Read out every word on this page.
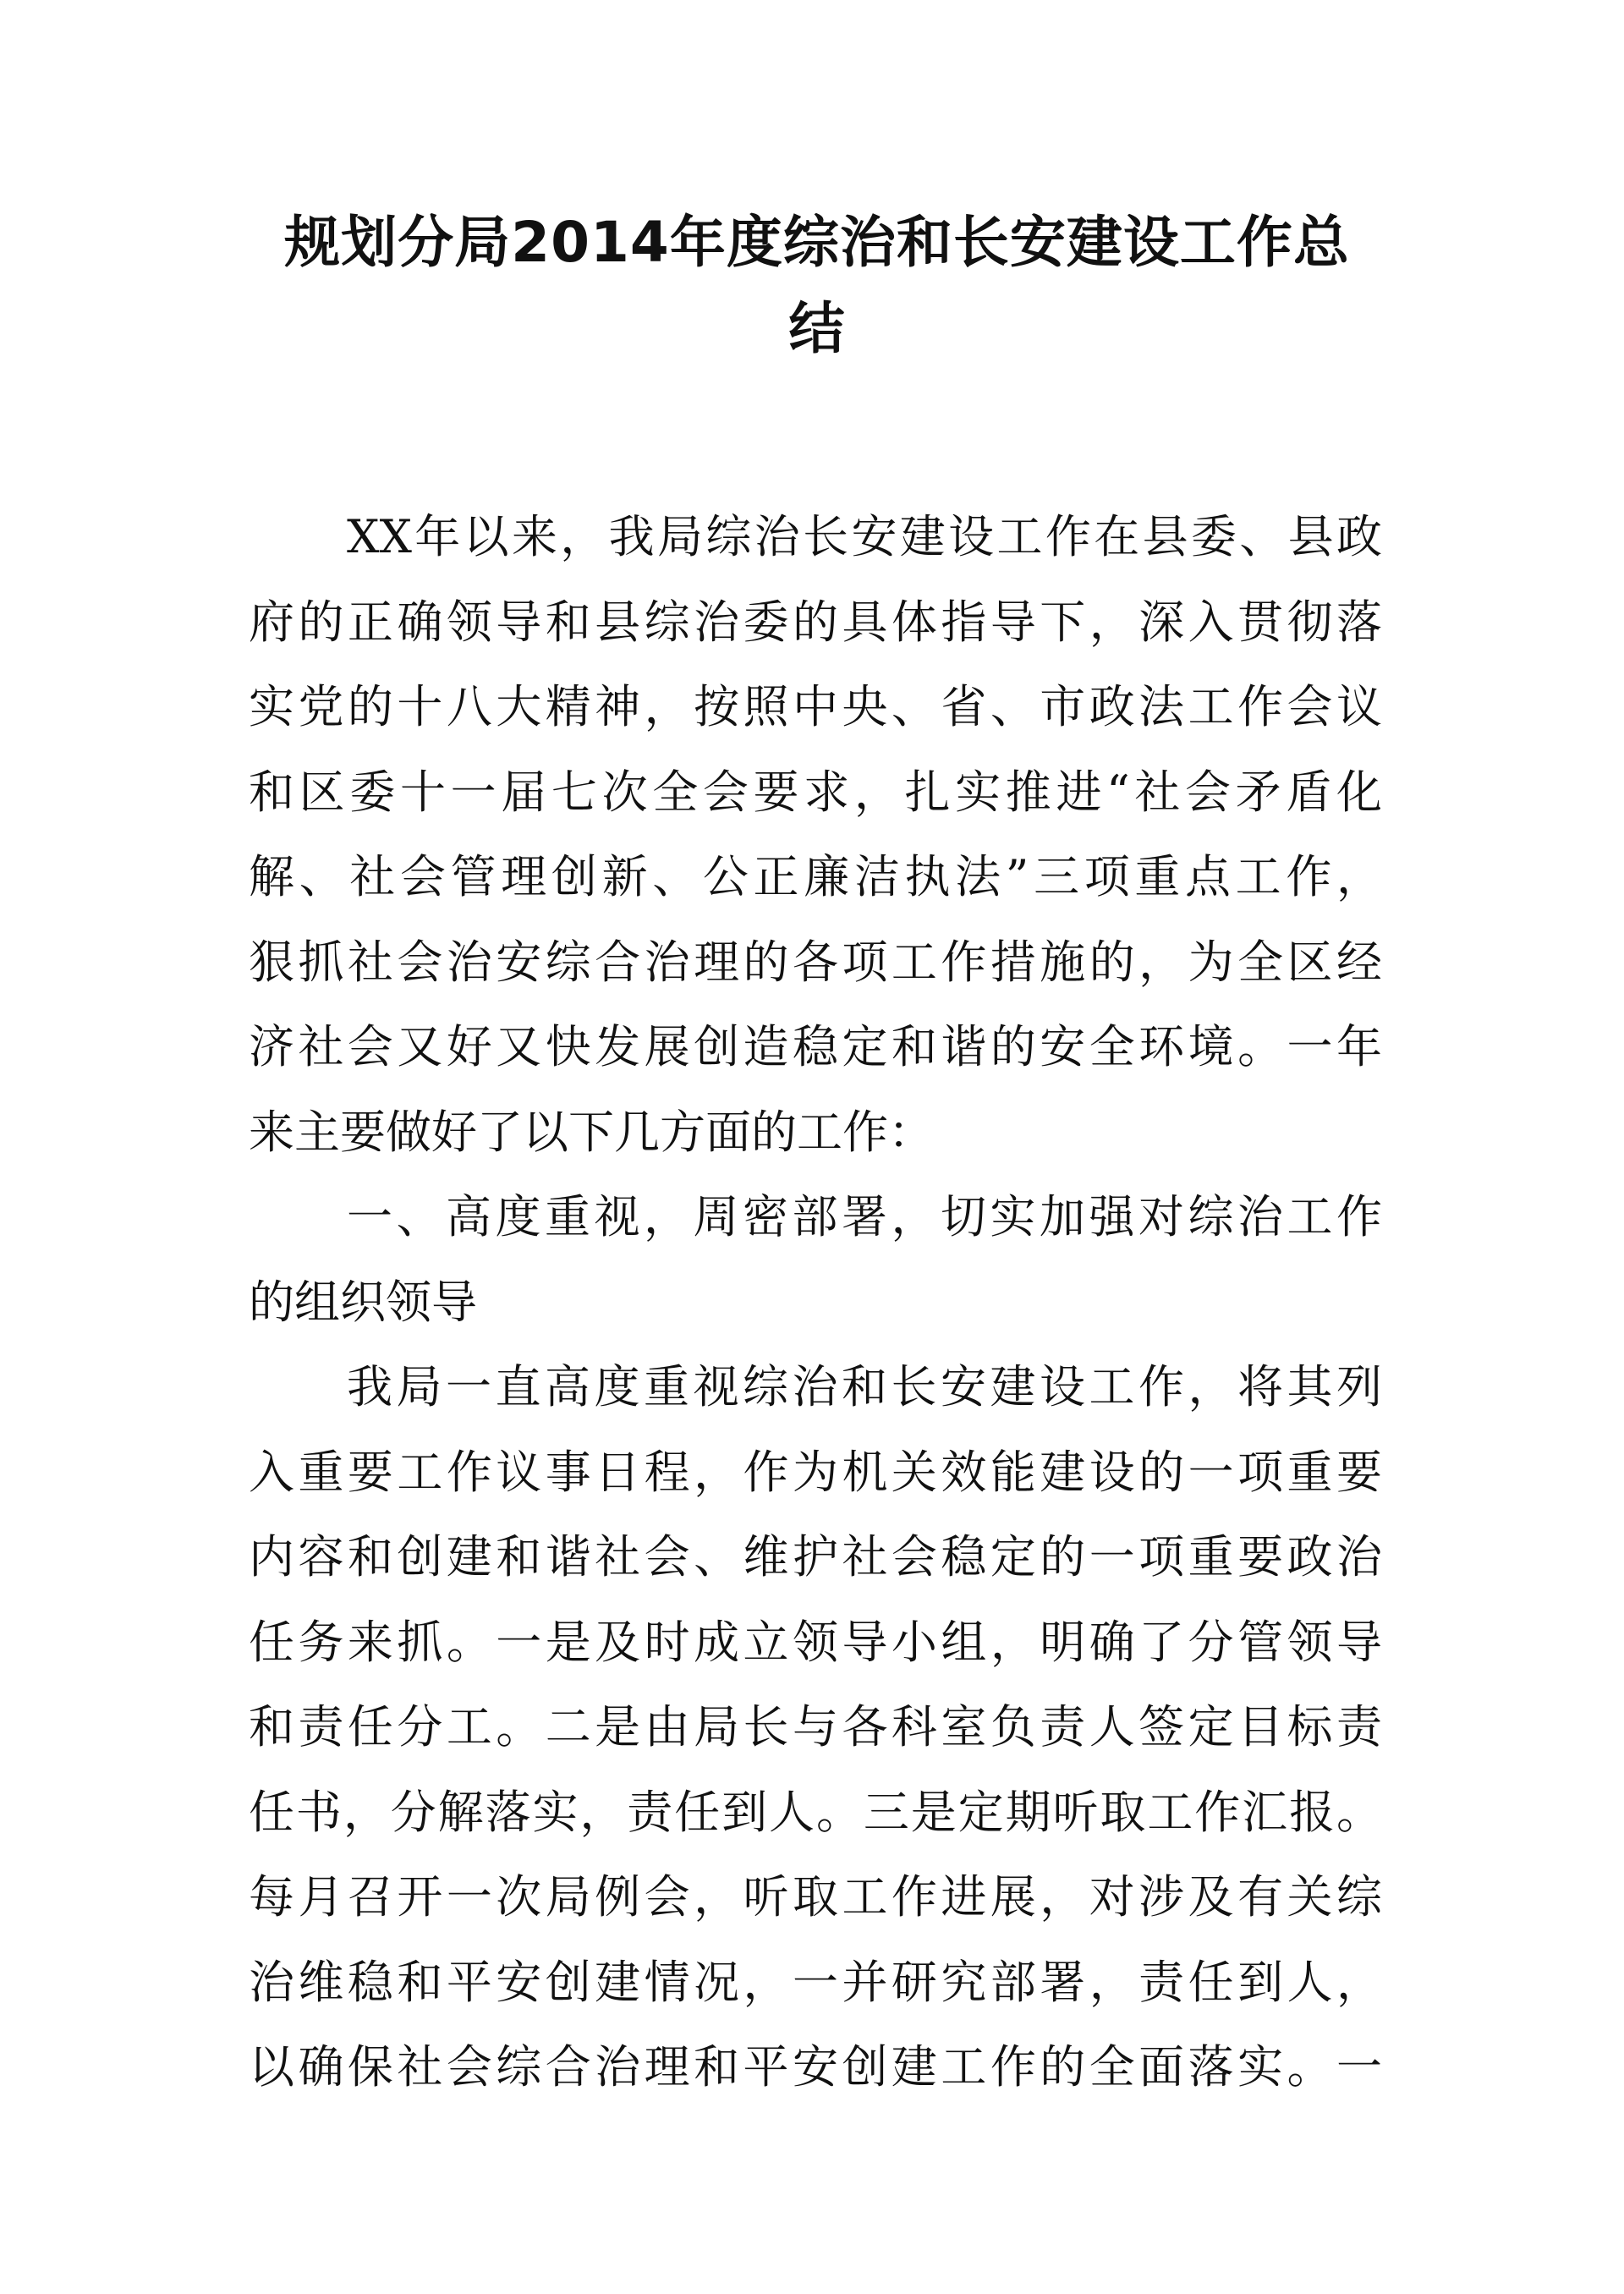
规划分局2014年度综治和长安建设工作总
结
XX年以来，我局综治长安建设工作在县委、县政
府的正确领导和县综治委的具体指导下，深入贯彻落
实党的十八大精神，按照中央、省、市政法工作会议
和区委十一届七次全会要求，扎实推进“社会矛盾化
解、社会管理创新、公正廉洁执法”三项重点工作，
狠抓社会治安综合治理的各项工作措施的，为全区经
济社会又好又快发展创造稳定和谐的安全环境。一年
来主要做好了以下几方面的工作：
一、高度重视，周密部署，切实加强对综治工作
的组织领导
我局一直高度重视综治和长安建设工作，将其列
入重要工作议事日程，作为机关效能建设的一项重要
内容和创建和谐社会、维护社会稳定的一项重要政治
任务来抓。一是及时成立领导小组，明确了分管领导
和责任分工。二是由局长与各科室负责人签定目标责
任书，分解落实，责任到人。三是定期听取工作汇报。
每月召开一次局例会，听取工作进展，对涉及有关综
治维稳和平安创建情况，一并研究部署，责任到人，
以确保社会综合治理和平安创建工作的全面落实。一
